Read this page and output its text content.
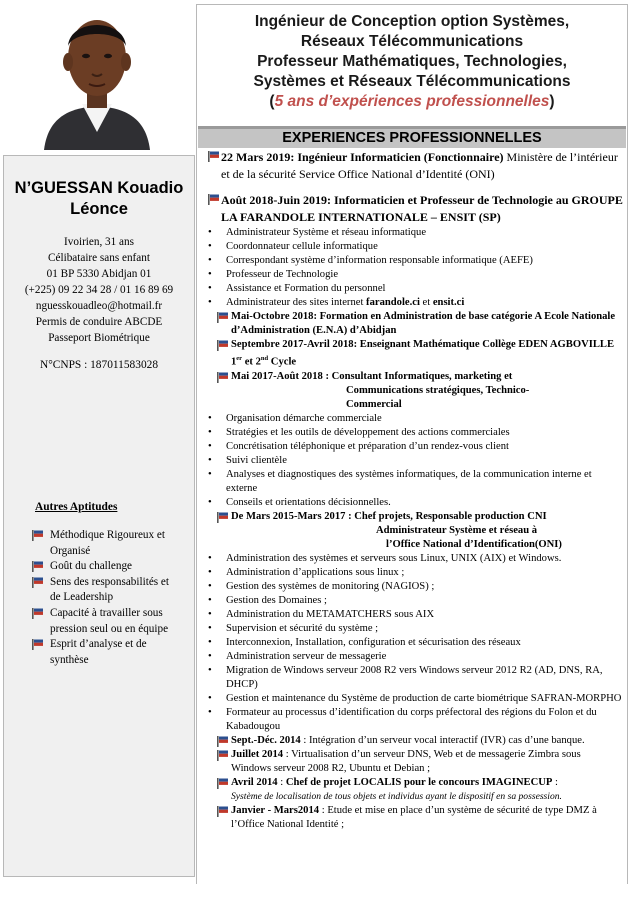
N’GUESSAN Kouadio
Léonce
Ivoirien, 31 ans
Célibataire sans enfant
01 BP 5330 Abidjan 01
(+225) 09 22 34 28 / 01 16 89 69
nguesskouadleo@hotmail.fr
Permis de conduire ABCDE
Passeport Biométrique
N°CNPS : 187011583028
Autres Aptitudes
Méthodique Rigoureux et Organisé
Goût du challenge
Sens des responsabilités et de Leadership
Capacité à travailler sous pression seul ou en équipe
Esprit d’analyse et de synthèse
Ingénieur de Conception option Systèmes,
Réseaux Télécommunications
Professeur Mathématiques, Technologies,
Systèmes et Réseaux Télécommunications
(5 ans d’expériences professionnelles)
EXPERIENCES PROFESSIONNELLES
22 Mars 2019: Ingénieur Informaticien (Fonctionnaire) Ministère de l’intérieur et de la sécurité Service Office National d’Identité (ONI)
Août 2018-Juin 2019: Informaticien et Professeur de Technologie au GROUPE LA FARANDOLE INTERNATIONALE – ENSIT (SP)
• Administrateur Système et réseau informatique
• Coordonnateur cellule informatique
• Correspondant système d’information responsable informatique (AEFE)
• Professeur de Technologie
• Assistance et Formation du personnel
• Administrateur des sites internet farandole.ci et ensit.ci
Mai-Octobre 2018: Formation en Administration de base catégorie A Ecole Nationale d’Administration (E.N.A) d’Abidjan
Septembre 2017-Avril 2018: Enseignant Mathématique Collège EDEN AGBOVILLE 1er et 2nd Cycle
Mai 2017-Août 2018 : Consultant Informatiques, marketing et
Communications stratégiques, Technico-
Commercial
• Organisation démarche commerciale
• Stratégies et les outils de développement des actions commerciales
• Concrétisation téléphonique et préparation d’un rendez-vous client
• Suivi clientèle
• Analyses et diagnostiques des systèmes informatiques, de la communication interne et externe
• Conseils et orientations décisionnelles.
De Mars 2015-Mars 2017 : Chef projets, Responsable production CNI
Administrateur Système et réseau à
l’Office National d’Identification(ONI)
• Administration des systèmes et serveurs sous Linux, UNIX (AIX) et Windows.
• Administration d’applications sous linux ;
• Gestion des systèmes de monitoring (NAGIOS) ;
• Gestion des Domaines ;
• Administration du METAMATCHERS sous AIX
• Supervision et sécurité du système ;
• Interconnexion, Installation, configuration et sécurisation des réseaux
• Administration serveur de messagerie
• Migration de Windows serveur 2008 R2 vers Windows serveur 2012 R2 (AD, DNS, RA, DHCP)
• Gestion et maintenance du Système de production de carte biométrique SAFRAN-MORPHO
• Formateur au processus d’identification du corps préfectoral des régions du Folon et du Kabadougou
Sept.-Déc. 2014 : Intégration d’un serveur vocal interactif (IVR) cas d’une banque.
Juillet 2014 : Virtualisation d’un serveur DNS, Web et de messagerie Zimbra sous Windows serveur 2008 R2, Ubuntu et Debian ;
Avril 2014 : Chef de projet LOCALIS pour le concours IMAGINECUP :
Système de localisation de tous objets et individus ayant le dispositif en sa possession.
Janvier - Mars2014 : Etude et mise en place d’un système de sécurité de type DMZ à l’Office National Identité ;
